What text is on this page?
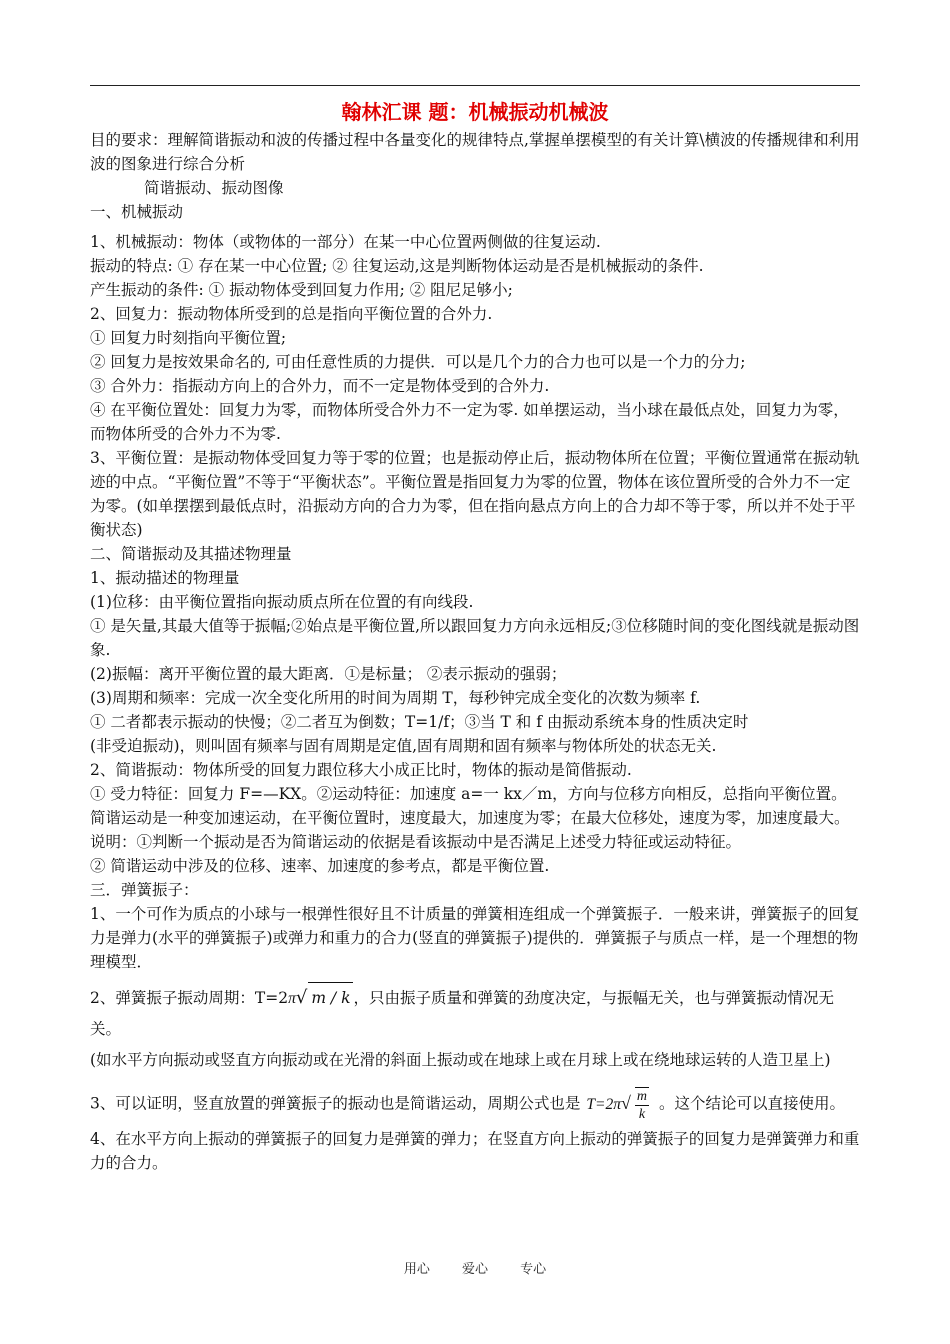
翰林汇课 题：机械振动机械波

目的要求：理解简谐振动和波的传播过程中各量变化的规律特点,掌握单摆模型的有关计算\横波的传播规律和利用波的图象进行综合分析

简谐振动、振动图像

一、机械振动

1、机械振动：物体（或物体的一部分）在某一中心位置两侧做的往复运动.

振动的特点: ① 存在某一中心位置; ② 往复运动,这是判断物体运动是否是机械振动的条件.

产生振动的条件: ① 振动物体受到回复力作用; ② 阻尼足够小;

2、回复力：振动物体所受到的总是指向平衡位置的合外力.

① 回复力时刻指向平衡位置;

② 回复力是按效果命名的, 可由任意性质的力提供．可以是几个力的合力也可以是一个力的分力;

③ 合外力：指振动方向上的合外力，而不一定是物体受到的合外力.

④ 在平衡位置处：回复力为零，而物体所受合外力不一定为零. 如单摆运动，当小球在最低点处，回复力为零，而物体所受的合外力不为零.

3、平衡位置：是振动物体受回复力等于零的位置；也是振动停止后，振动物体所在位置；平衡位置通常在振动轨迹的中点。“平衡位置”不等于“平衡状态”。平衡位置是指回复力为零的位置，物体在该位置所受的合外力不一定为零。(如单摆摆到最低点时，沿振动方向的合力为零，但在指向悬点方向上的合力却不等于零，所以并不处于平衡状态)

二、简谐振动及其描述物理量

1、振动描述的物理量

(1)位移：由平衡位置指向振动质点所在位置的有向线段.

① 是矢量,其最大值等于振幅;②始点是平衡位置,所以跟回复力方向永远相反;③位移随时间的变化图线就是振动图象.

(2)振幅：离开平衡位置的最大距离．①是标量； ②表示振动的强弱；

(3)周期和频率：完成一次全变化所用的时间为周期 T，每秒钟完成全变化的次数为频率 f.

① 二者都表示振动的快慢；②二者互为倒数；T=1/f；③当 T 和 f 由振动系统本身的性质决定时

(非受迫振动)，则叫固有频率与固有周期是定值,固有周期和固有频率与物体所处的状态无关.

2、简谐振动：物体所受的回复力跟位移大小成正比时，物体的振动是简偕振动.

① 受力特征：回复力 F=—KX。②运动特征：加速度 a=一 kx／m，方向与位移方向相反，总指向平衡位置。

简谐运动是一种变加速运动，在平衡位置时，速度最大，加速度为零；在最大位移处，速度为零，加速度最大。

说明：①判断一个振动是否为简谐运动的依据是看该振动中是否满足上述受力特征或运动特征。

② 简谐运动中涉及的位移、速率、加速度的参考点，都是平衡位置.

三．弹簧振子：

1、一个可作为质点的小球与一根弹性很好且不计质量的弹簧相连组成一个弹簧振子．一般来讲，弹簧振子的回复力是弹力(水平的弹簧振子)或弹力和重力的合力(竖直的弹簧振子)提供的．弹簧振子与质点一样，是一个理想的物理模型．

2、弹簧振子振动周期：T=2π√ m / k ，只由振子质量和弹簧的劲度决定，与振幅无关，也与弹簧振动情况无关。

(如水平方向振动或竖直方向振动或在光滑的斜面上振动或在地球上或在月球上或在绕地球运转的人造卫星上)

3、可以证明，竖直放置的弹簧振子的振动也是简谐运动，周期公式也是 $T=2\pi√ \frac{m}{k}$ 。这个结论可以直接使用。

4、在水平方向上振动的弹簧振子的回复力是弹簧的弹力；在竖直方向上振动的弹簧振子的回复力是弹簧弹力和重力的合力。

用心 爱心 专心
